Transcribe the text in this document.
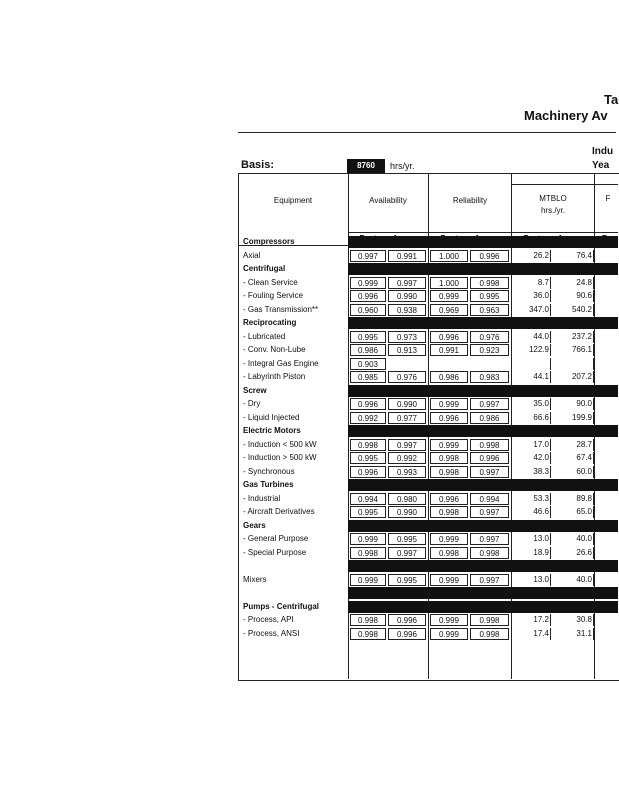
Ta
Machinery Av
Basis:	8760	hrs/yr.
Indu
Yea
Equipment	Availability	Reliability	MTBLO
hrs./yr.
F
Compressors
Axial	0.997	0.991	1.000	0.996	26.2	76.4
Centrifugal
- Clean Service	0.999	0.997	1.000	0.998	8.7	24.8
- Fouling Service	0.996	0.990	0.999	0.995	36.0	90.6
- Gas Transmission**	0.960	0.938	0.969	0.963	347.0	540.2
Reciprocating
- Lubricated	0.995	0.973	0.996	0.976	44.0	237.2
- Conv. Non-Lube	0.986	0.913	0.991	0.923	122.9	766.1
- Integral Gas Engine	0.903
- Labyrinth Piston	0.985	0.976	0.986	0.983	44.1	207.2
Screw
- Dry	0.996	0.990	0.999	0.997	35.0	90.0
- Liquid Injected	0.992	0.977	0.996	0.986	66.6	199.9
Electric Motors
- Induction < 500 kW	0.998	0.997	0.999	0.998	17.0	28.7
- Induction > 500 kW	0.995	0.992	0.998	0.996	42.0	67.4
- Synchronous	0.996	0.993	0.998	0.997	38.3	60.0
Gas Turbines
- Industrial	0.994	0.980	0.996	0.994	53.3	89.8
- Aircraft Derivatives	0.995	0.990	0.998	0.997	46.6	65.0
Gears
- General Purpose	0.999	0.995	0.999	0.997	13.0	40.0
- Special Purpose	0.998	0.997	0.998	0.998	18.9	26.6
Mixers	0.999	0.995	0.999	0.997	13.0	40.0
Pumps - Centrifugal
- Process, API	0.998	0.996	0.999	0.998	17.2	30.8
- Process, ANSI	0.998	0.996	0.999	0.998	17.4	31.1
